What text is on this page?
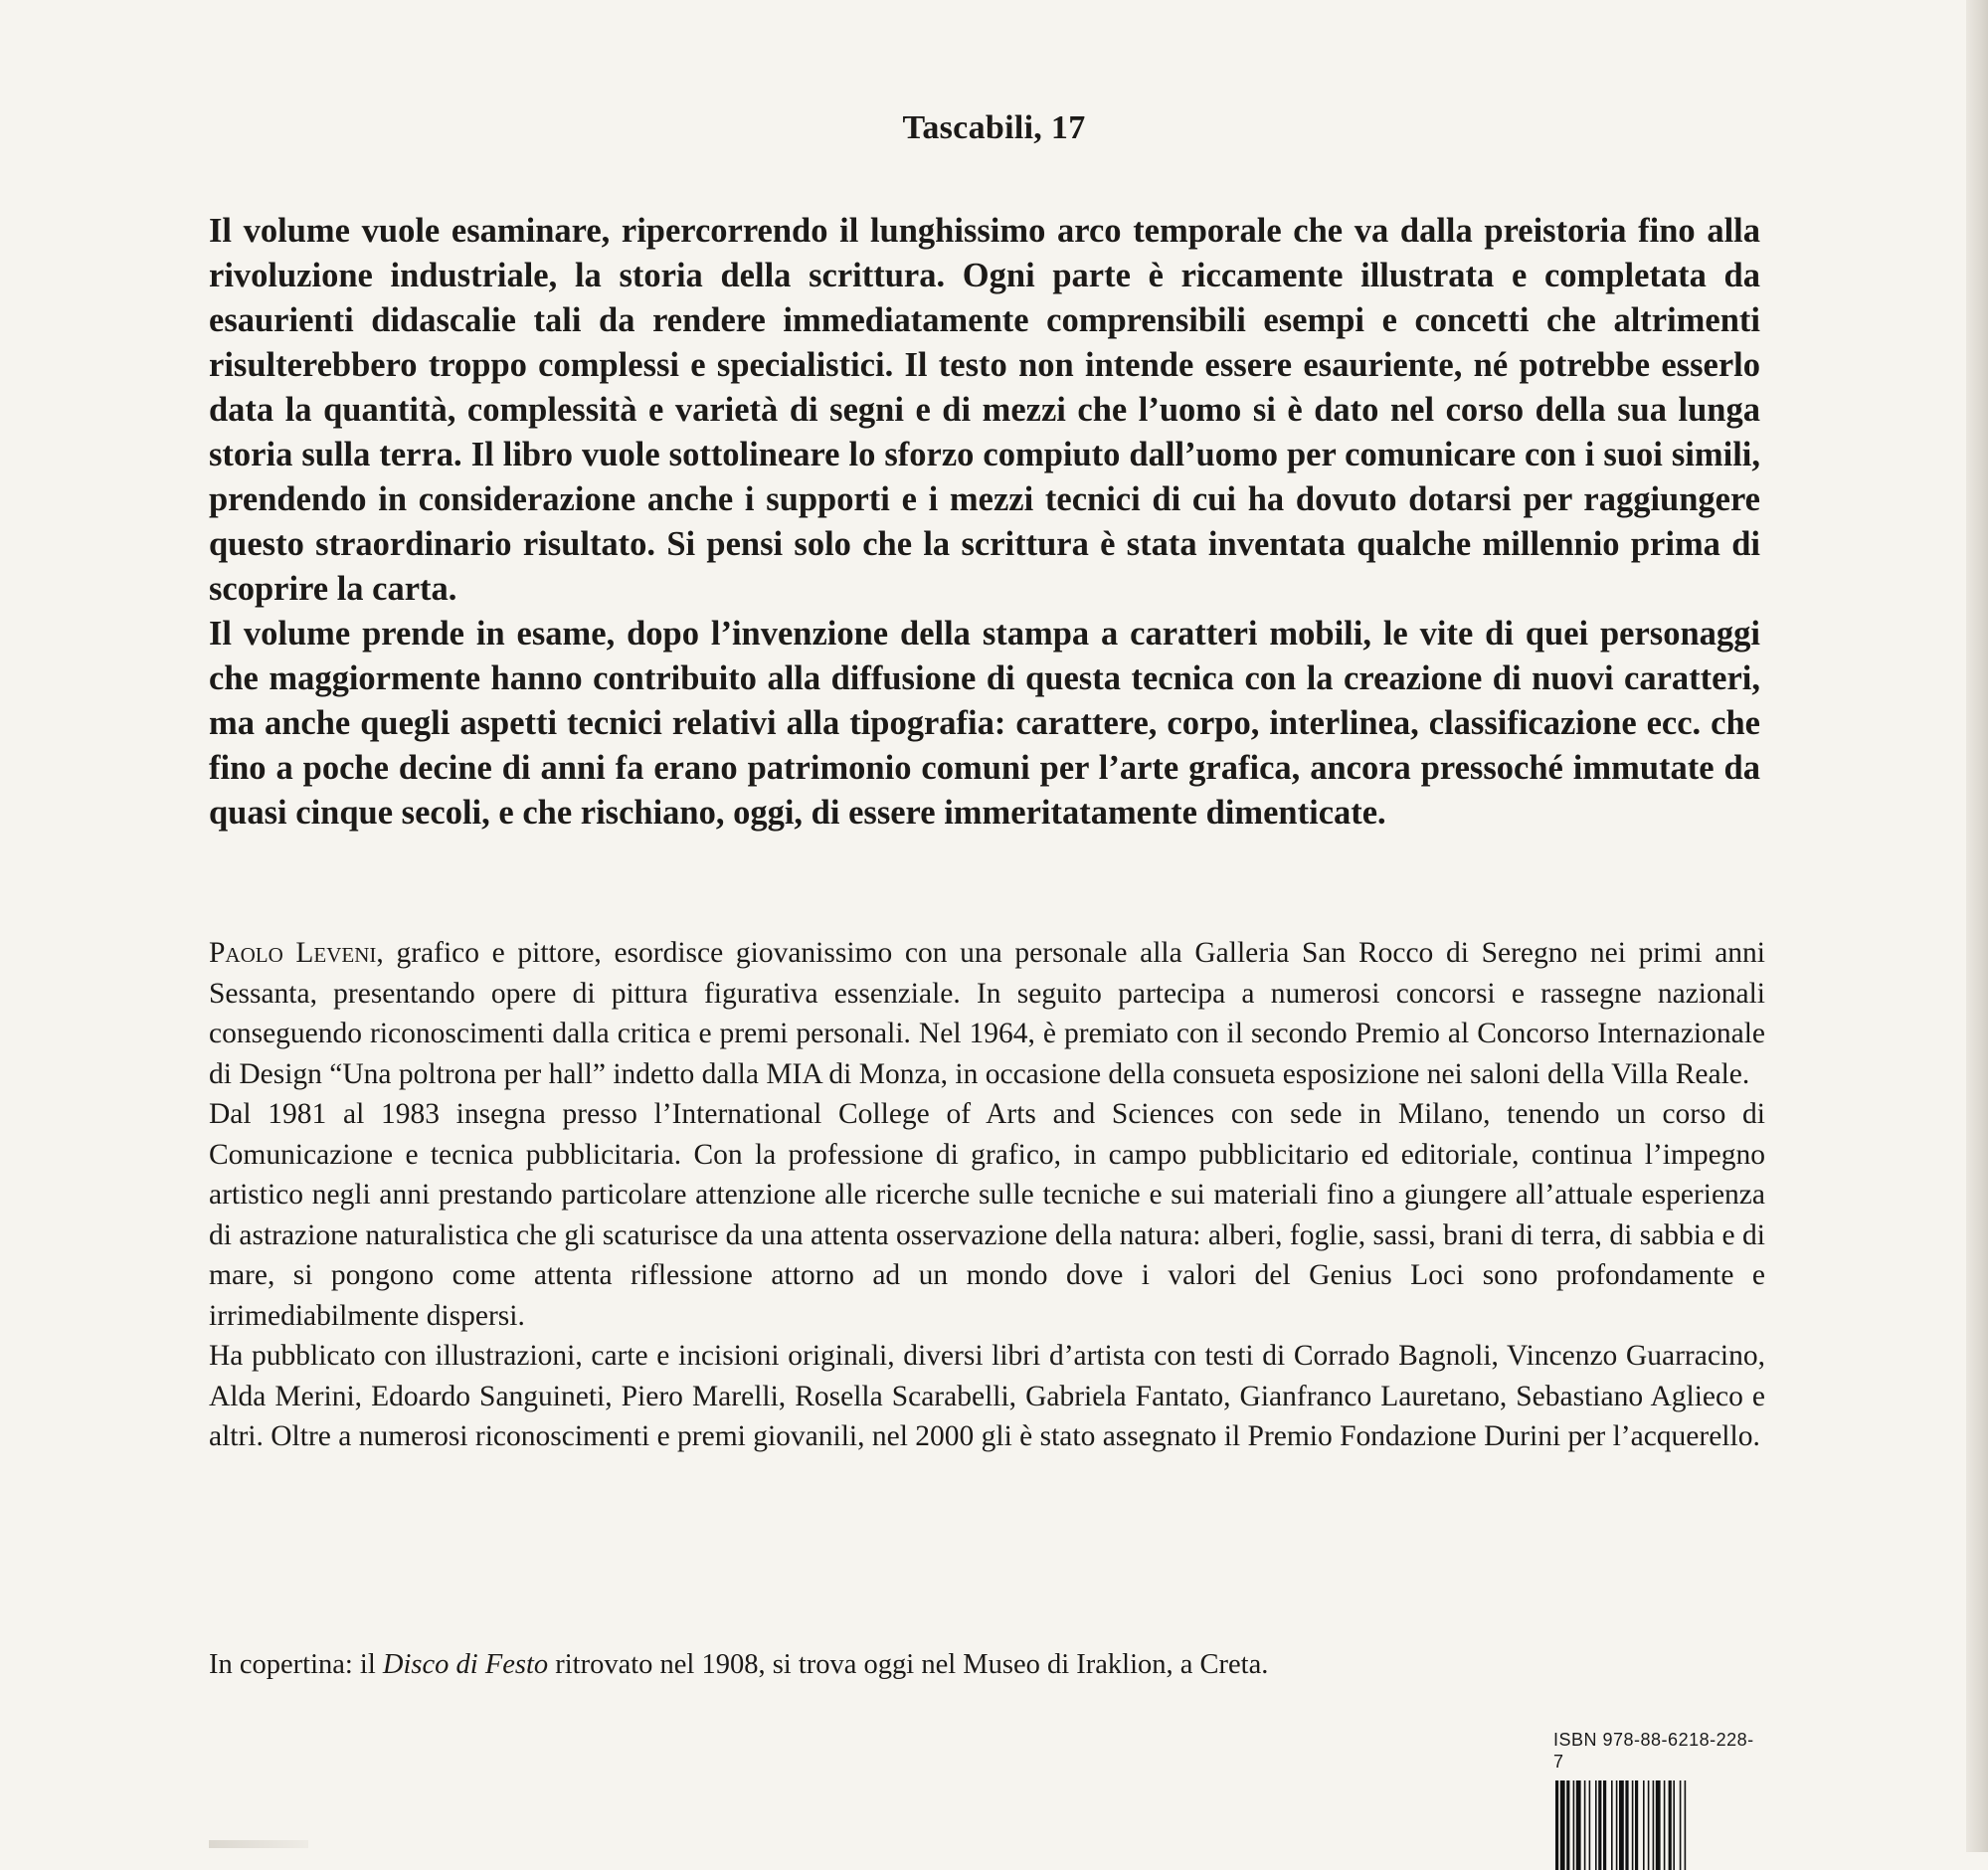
Tascabili, 17

Il volume vuole esaminare, ripercorrendo il lunghissimo arco temporale che va dalla preistoria fino alla rivoluzione industriale, la storia della scrittura. Ogni parte è riccamente illustrata e completata da esaurienti didascalie tali da rendere immediatamente comprensibili esempi e concetti che altrimenti risulterebbero troppo complessi e specialistici. Il testo non intende essere esauriente, né potrebbe esserlo data la quantità, complessità e varietà di segni e di mezzi che l’uomo si è dato nel corso della sua lunga storia sulla terra. Il libro vuole sottolineare lo sforzo compiuto dall’uomo per comunicare con i suoi simili, prendendo in considerazione anche i supporti e i mezzi tecnici di cui ha dovuto dotarsi per raggiungere questo straordinario risultato. Si pensi solo che la scrittura è stata inventata qualche millennio prima di scoprire la carta.

Il volume prende in esame, dopo l’invenzione della stampa a caratteri mobili, le vite di quei personaggi che maggiormente hanno contribuito alla diffusione di questa tecnica con la creazione di nuovi caratteri, ma anche quegli aspetti tecnici relativi alla tipografia: carattere, corpo, interlinea, classificazione ecc. che fino a poche decine di anni fa erano patrimonio comuni per l’arte grafica, ancora pressoché immutate da quasi cinque secoli, e che rischiano, oggi, di essere immeritatamente dimenticate.

Paolo Leveni, grafico e pittore, esordisce giovanissimo con una personale alla Galleria San Rocco di Seregno nei primi anni Sessanta, presentando opere di pittura figurativa essenziale. In seguito partecipa a numerosi concorsi e rassegne nazionali conseguendo riconoscimenti dalla critica e premi personali. Nel 1964, è premiato con il secondo Premio al Concorso Internazionale di Design “Una poltrona per hall” indetto dalla MIA di Monza, in occasione della consueta esposizione nei saloni della Villa Reale.

Dal 1981 al 1983 insegna presso l’International College of Arts and Sciences con sede in Milano, tenendo un corso di Comunicazione e tecnica pubblicitaria. Con la professione di grafico, in campo pubblicitario ed editoriale, continua l’impegno artistico negli anni prestando particolare attenzione alle ricerche sulle tecniche e sui materiali fino a giungere all’attuale esperienza di astrazione naturalistica che gli scaturisce da una attenta osservazione della natura: alberi, foglie, sassi, brani di terra, di sabbia e di mare, si pongono come attenta riflessione attorno ad un mondo dove i valori del Genius Loci sono profondamente e irrimediabilmente dispersi.

Ha pubblicato con illustrazioni, carte e incisioni originali, diversi libri d’artista con testi di Corrado Bagnoli, Vincenzo Guarracino, Alda Merini, Edoardo Sanguineti, Piero Marelli, Rosella Scarabelli, Gabriela Fantato, Gianfranco Lauretano, Sebastiano Aglieco e altri. Oltre a numerosi riconoscimenti e premi giovanili, nel 2000 gli è stato assegnato il Premio Fondazione Durini per l’acquerello.

In copertina: il Disco di Festo ritrovato nel 1908, si trova oggi nel Museo di Iraklion, a Creta.
ISBN 978-88-6218-228-7
